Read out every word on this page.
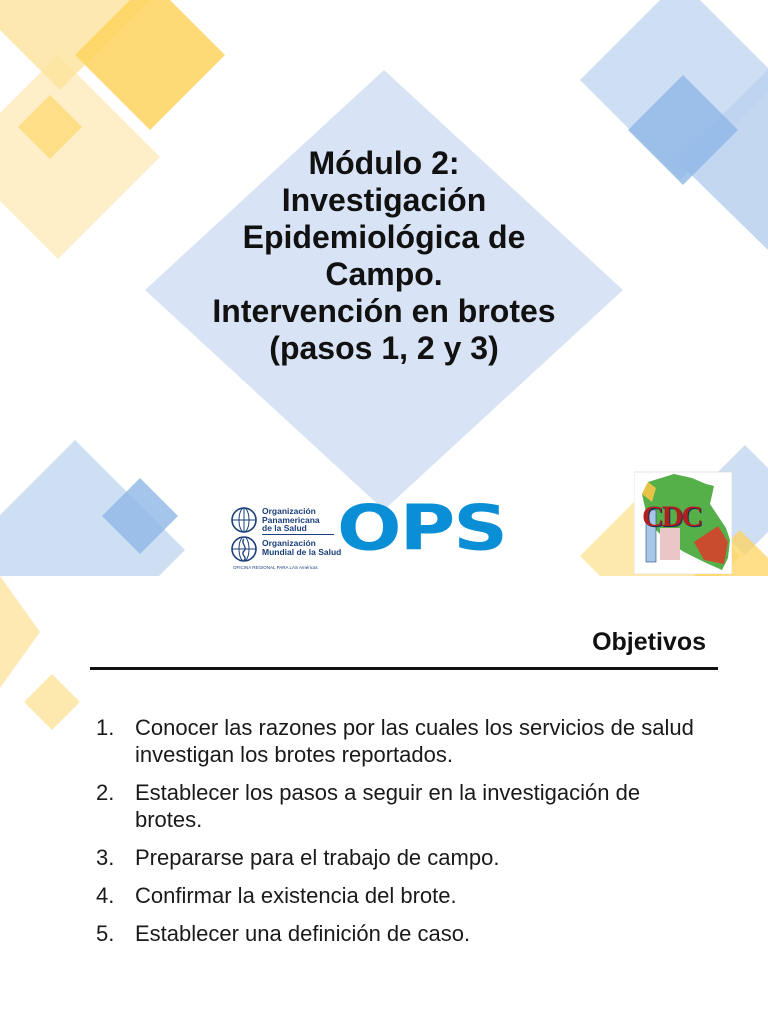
Módulo 2:
Investigación
Epidemiológica de
Campo.
Intervención en brotes
(pasos 1, 2 y 3)
Organización
Panamericana
de la Salud
Organización
Mundial de la Salud
OFICINA REGIONAL PARA LAS Américas
OPS	CDC
Objetivos
1. Conocer las razones por las cuales los servicios de salud investigan los brotes reportados.
2. Establecer los pasos a seguir en la investigación de brotes.
3. Prepararse para el trabajo de campo.
4. Confirmar la existencia del brote.
5. Establecer una definición de caso.
